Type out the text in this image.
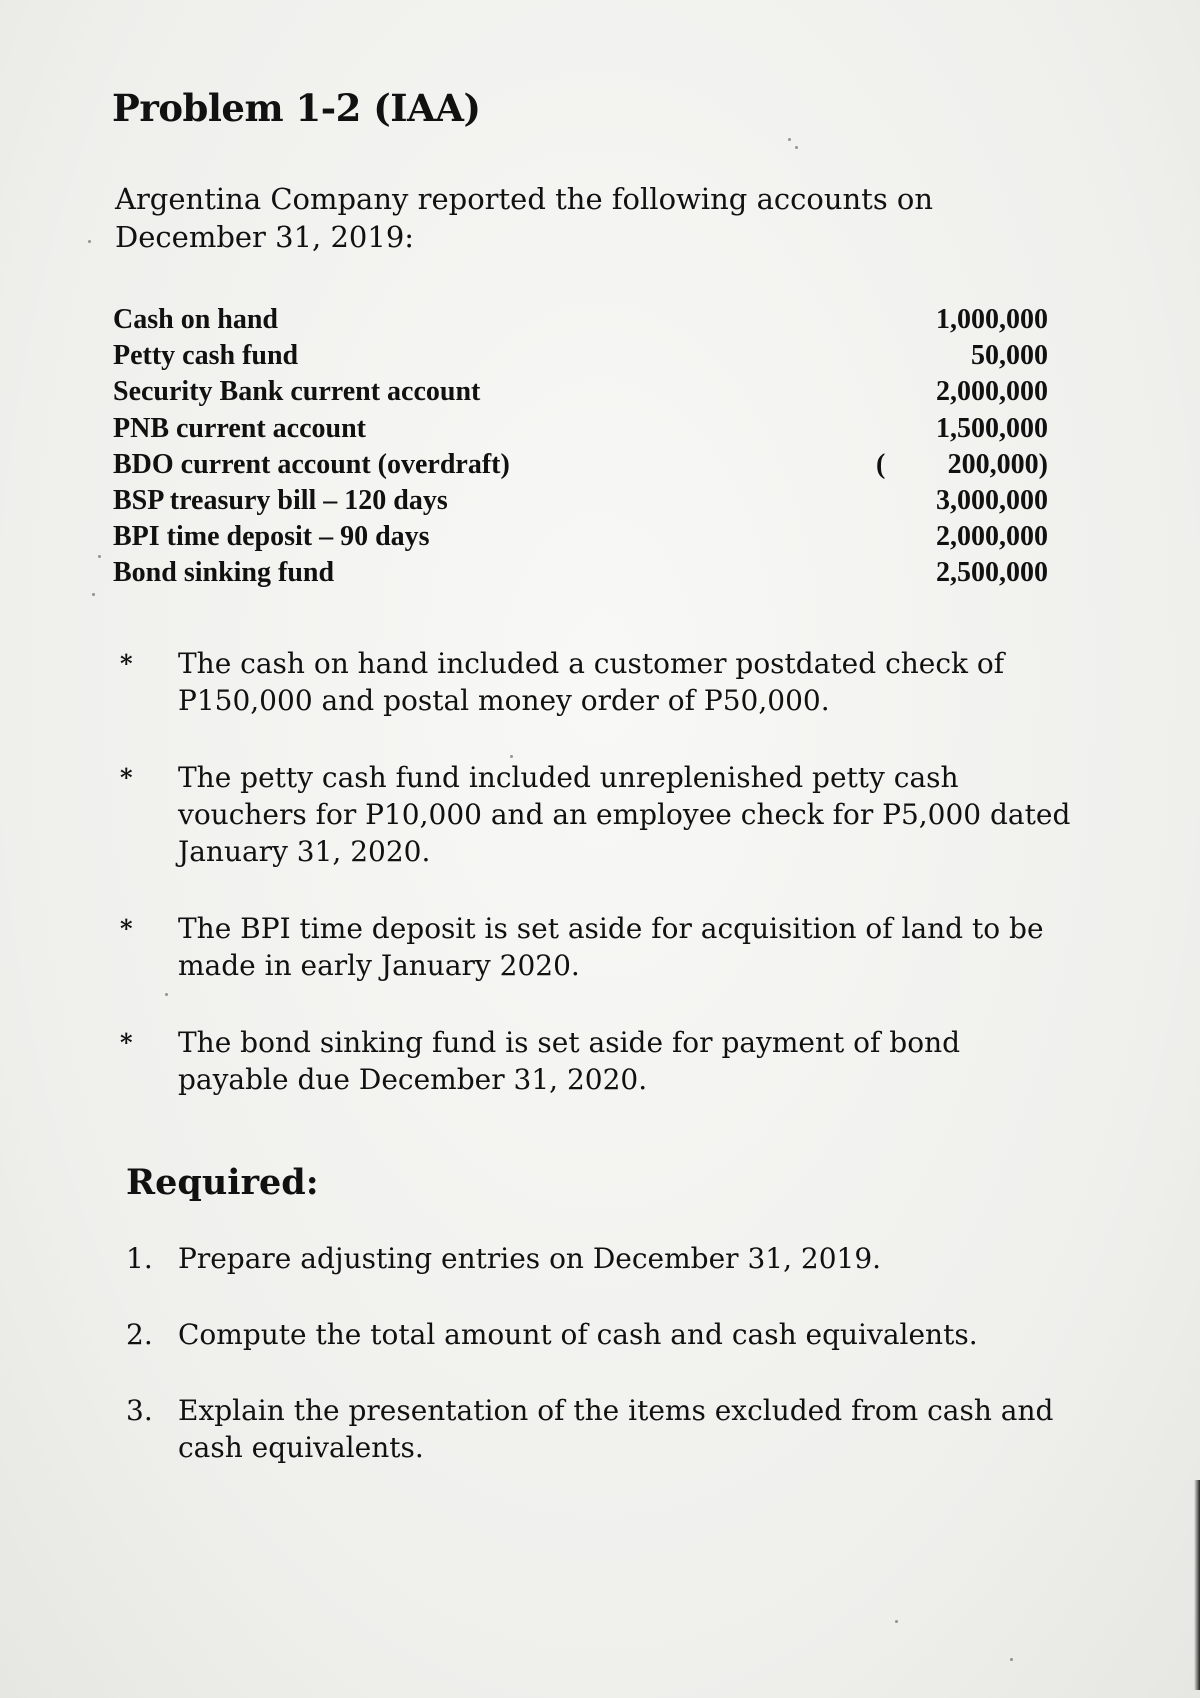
Problem 1-2 (IAA)
Argentina Company reported the following accounts on December 31, 2019:
Cash on hand	1,000,000
Petty cash fund	50,000
Security Bank current account	2,000,000
PNB current account	1,500,000
BDO current account (overdraft)	( 200,000)
BSP treasury bill – 120 days	3,000,000
BPI time deposit – 90 days	2,000,000
Bond sinking fund	2,500,000
*	The cash on hand included a customer postdated check of P150,000 and postal money order of P50,000.
*	The petty cash fund included unreplenished petty cash vouchers for P10,000 and an employee check for P5,000 dated January 31, 2020.
*	The BPI time deposit is set aside for acquisition of land to be made in early January 2020.
*	The bond sinking fund is set aside for payment of bond payable due December 31, 2020.
Required:
1. Prepare adjusting entries on December 31, 2019.
2. Compute the total amount of cash and cash equivalents.
3. Explain the presentation of the items excluded from cash and cash equivalents.
